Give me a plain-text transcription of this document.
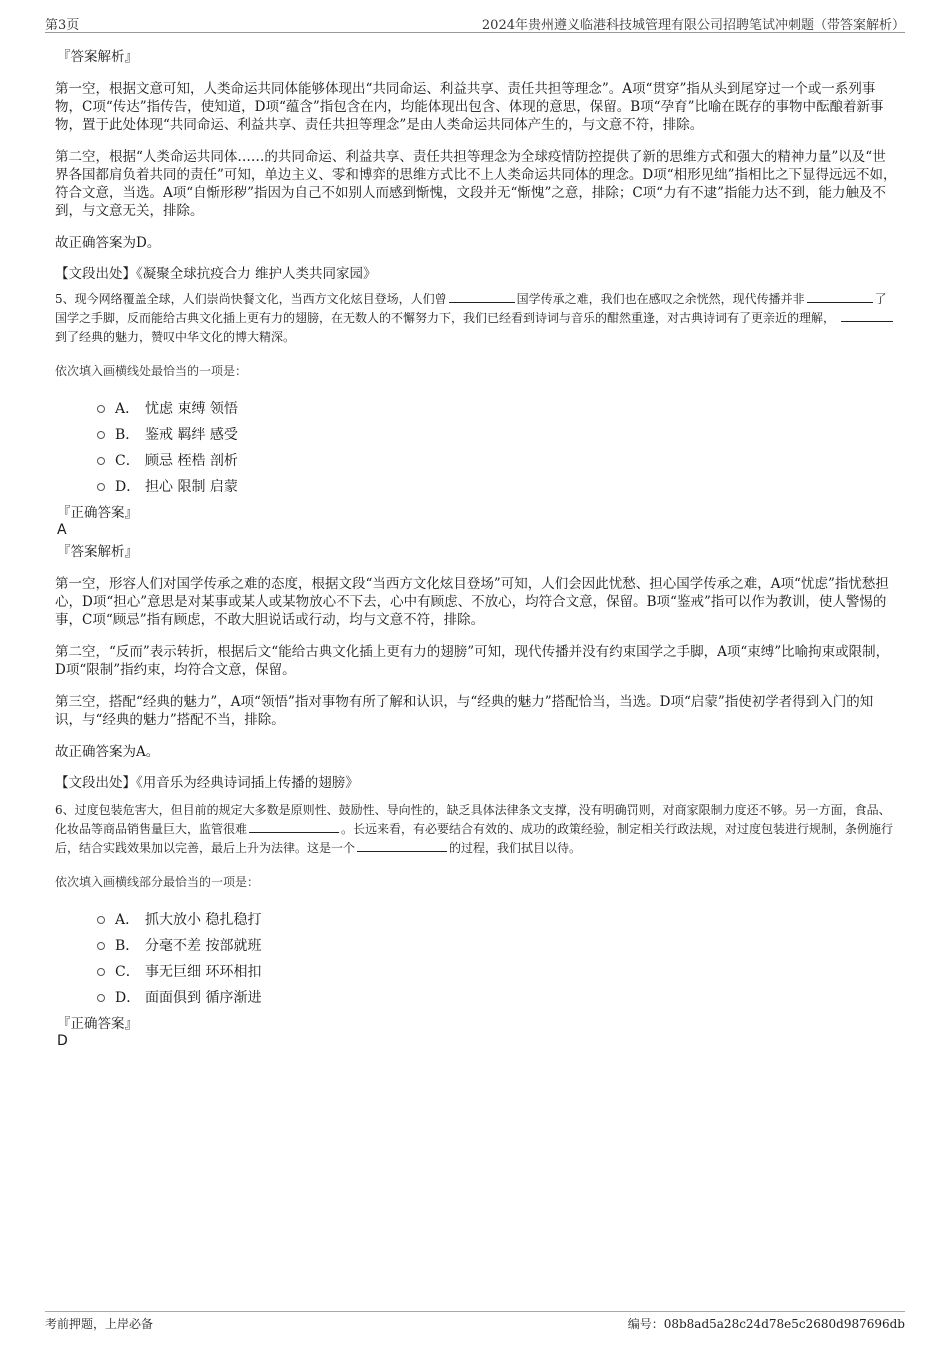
第3页	2024年贵州遵义临港科技城管理有限公司招聘笔试冲刺题（带答案解析）

『答案解析』

第一空，根据文意可知，人类命运共同体能够体现出“共同命运、利益共享、责任共担等理念”。A项“贯穿”指从头到尾穿过一个或一系列事物，C项“传达”指传告，使知道，D项“蕴含”指包含在内，均能体现出包含、体现的意思，保留。B项“孕育”比喻在既存的事物中酝酿着新事物，置于此处体现“共同命运、利益共享、责任共担等理念”是由人类命运共同体产生的，与文意不符，排除。

第二空，根据“人类命运共同体……的共同命运、利益共享、责任共担等理念为全球疫情防控提供了新的思维方式和强大的精神力量”以及“世界各国都肩负着共同的责任”可知，单边主义、零和博弈的思维方式比不上人类命运共同体的理念。D项“相形见绌”指相比之下显得远远不如，符合文意，当选。A项“自惭形秽”指因为自己不如别人而感到惭愧，文段并无“惭愧”之意，排除；C项“力有不逮”指能力达不到，能力触及不到，与文意无关，排除。

故正确答案为D。

【文段出处】《凝聚全球抗疫合力 维护人类共同家园》

5、现今网络覆盖全球，人们崇尚快餐文化，当西方文化炫目登场，人们曾	国学传承之难，我们也在感叹之余恍然，现代传播并非	了国学之手脚，反而能给古典文化插上更有力的翅膀，在无数人的不懈努力下，我们已经看到诗词与音乐的酣然重逢，对古典诗词有了更亲近的理解，到了经典的魅力，赞叹中华文化的博大精深。

依次填入画横线处最恰当的一项是：

A． 忧虑 束缚 领悟
B． 鉴戒 羁绊 感受
C． 顾忌 桎梏 剖析
D． 担心 限制 启蒙

『正确答案』

A

『答案解析』

第一空，形容人们对国学传承之难的态度，根据文段“当西方文化炫目登场”可知，人们会因此忧愁、担心国学传承之难，A项“忧虑”指忧愁担心，D项“担心”意思是对某事或某人或某物放心不下去，心中有顾虑、不放心，均符合文意，保留。B项“鉴戒”指可以作为教训，使人警惕的事，C项“顾忌”指有顾虑，不敢大胆说话或行动，均与文意不符，排除。

第二空，“反而”表示转折，根据后文“能给古典文化插上更有力的翅膀”可知，现代传播并没有约束国学之手脚，A项“束缚”比喻拘束或限制，D项“限制”指约束，均符合文意，保留。

第三空，搭配“经典的魅力”，A项“领悟”指对事物有所了解和认识，与“经典的魅力”搭配恰当，当选。D项“启蒙”指使初学者得到入门的知识，与“经典的魅力”搭配不当，排除。

故正确答案为A。

【文段出处】《用音乐为经典诗词插上传播的翅膀》

6、过度包装危害大，但目前的规定大多数是原则性、鼓励性、导向性的，缺乏具体法律条文支撑，没有明确罚则，对商家限制力度还不够。另一方面，食品、化妆品等商品销售量巨大，监管很难	。长远来看，有必要结合有效的、成功的政策经验，制定相关行政法规，对过度包装进行规制，条例施行后，结合实践效果加以完善，最后上升为法律。这是一个	的过程，我们拭目以待。

依次填入画横线部分最恰当的一项是：

A． 抓大放小 稳扎稳打
B． 分毫不差 按部就班
C． 事无巨细 环环相扣
D． 面面俱到 循序渐进

『正确答案』

D

考前押题，上岸必备	编号：08b8ad5a28c24d78e5c2680d987696db
